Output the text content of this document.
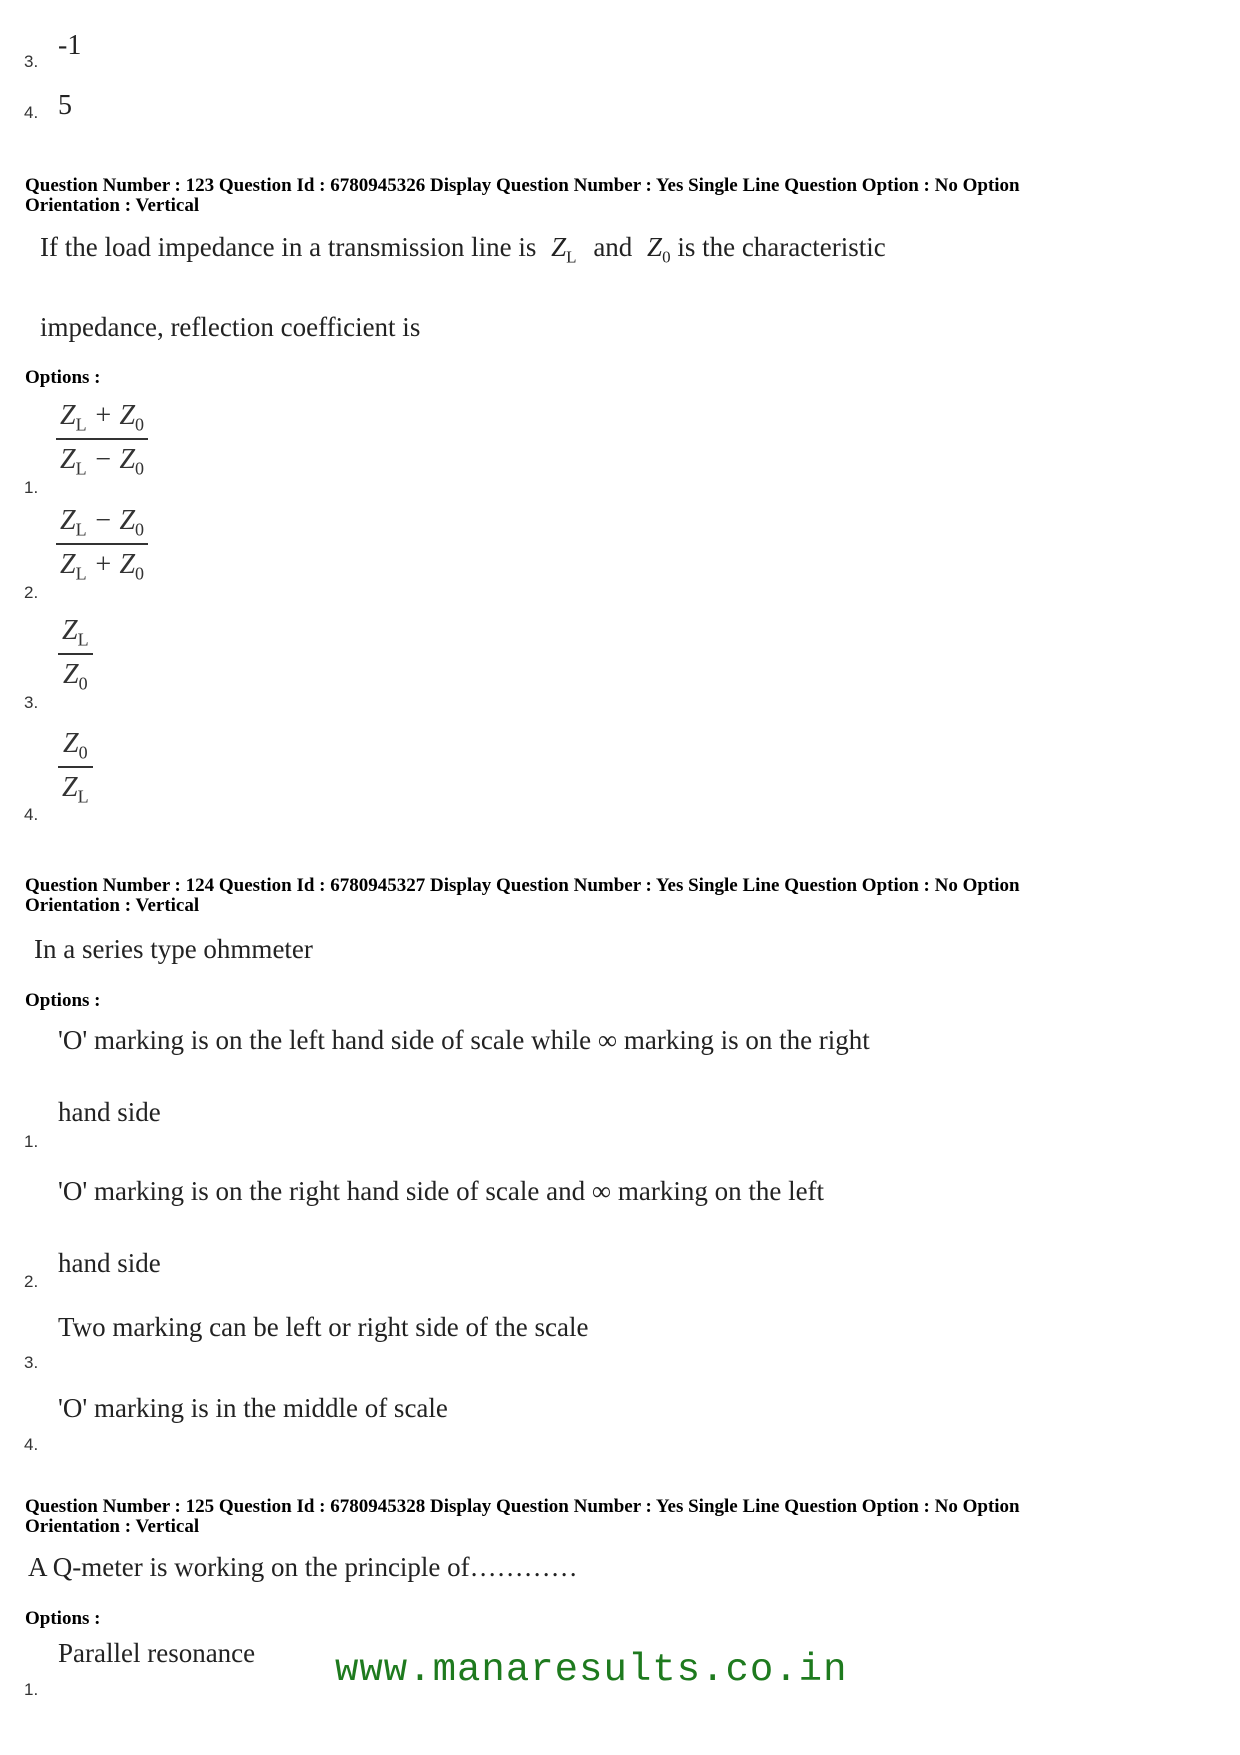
3.
-1
4. 5
Question Number : 123 Question Id : 6780945326 Display Question Number : Yes Single Line Question Option : No Option
Orientation : Vertical
If the load impedance in a transmission line is $Z_L$ and $Z_0$ is the characteristic
impedance, reflection coefficient is
Options :
$\frac{Z_L + Z_0}{Z_L - Z_0}$
1.
$\frac{Z_L - Z_0}{Z_L + Z_0}$
2.
$\frac{Z_L}{Z_0}$
3.
$\frac{Z_0}{Z_L}$
4.
Question Number : 124 Question Id : 6780945327 Display Question Number : Yes Single Line Question Option : No Option
Orientation : Vertical
In a series type ohmmeter
Options :
'O' marking is on the left hand side of scale while ∞ marking is on the right
hand side
1.
'O' marking is on the right hand side of scale and ∞ marking on the left
hand side
2.
Two marking can be left or right side of the scale
3.
'O' marking is in the middle of scale
4.
Question Number : 125 Question Id : 6780945328 Display Question Number : Yes Single Line Question Option : No Option
Orientation : Vertical
A Q-meter is working on the principle of…………
Options :
Parallel resonance
1.	www.manaresults.co.in
